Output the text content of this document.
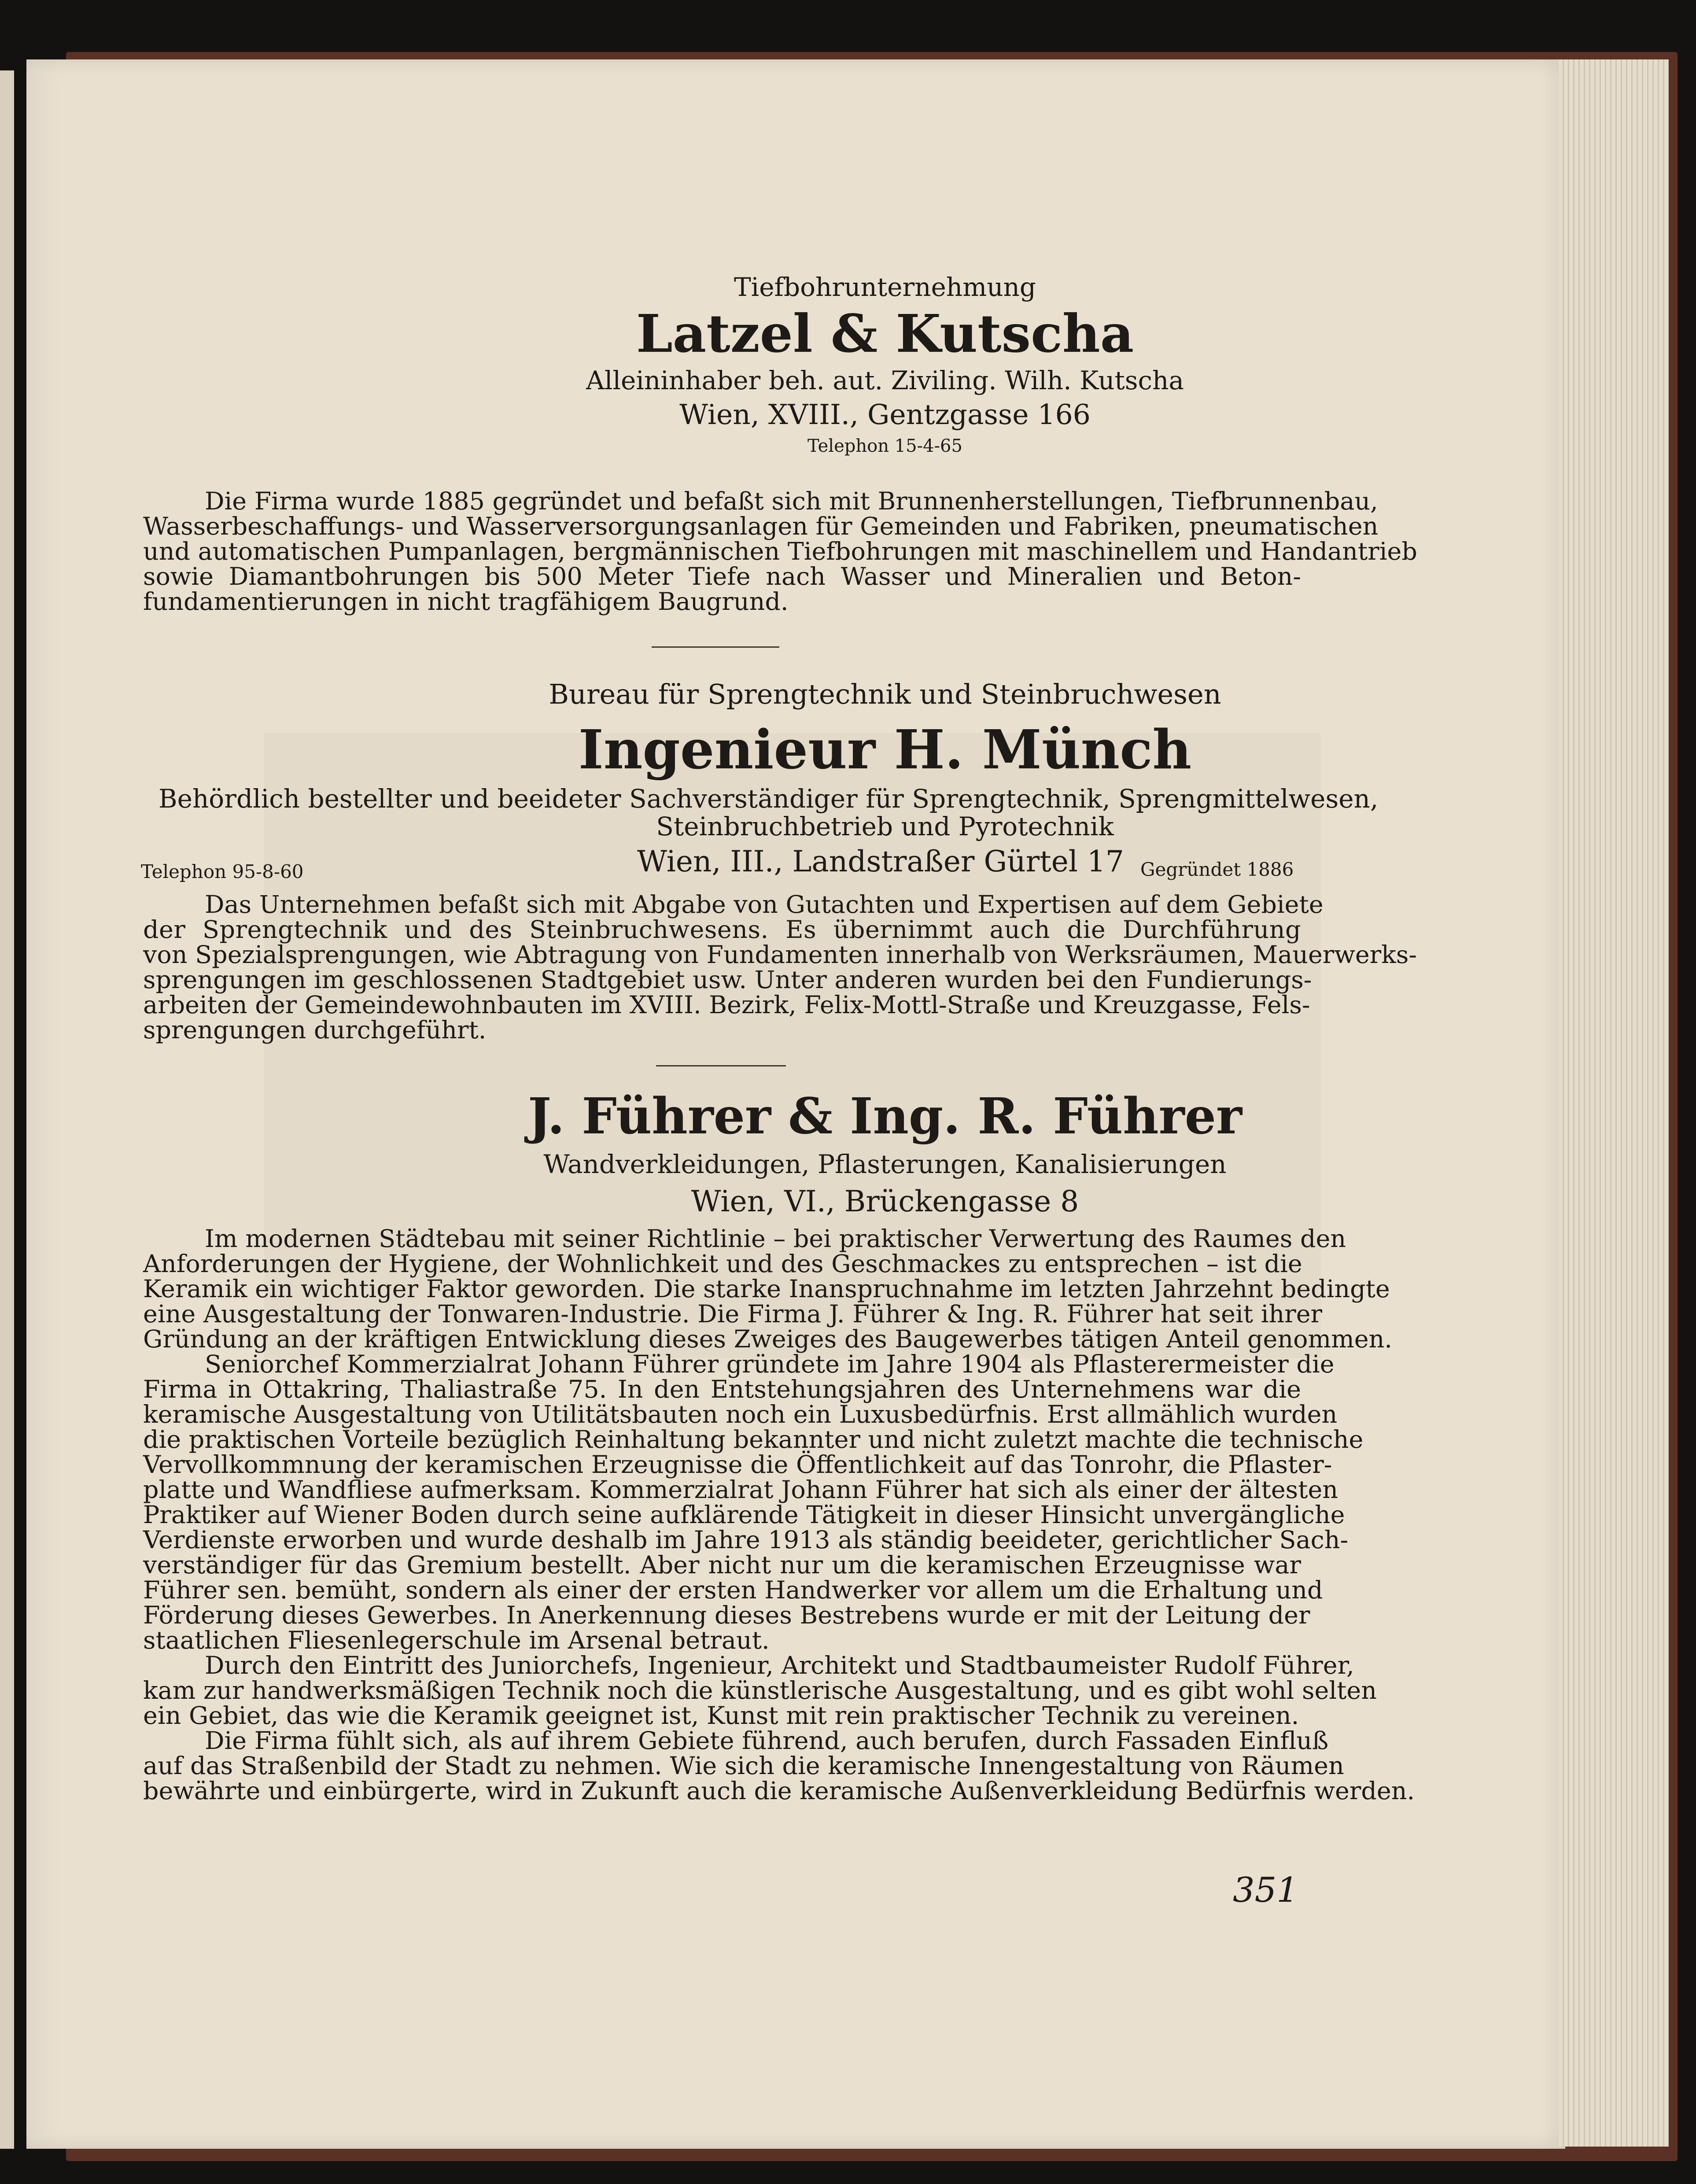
Tiefbohrunternehmung
Latzel & Kutscha
Alleininhaber beh. aut. Ziviling. Wilh. Kutscha
Wien, XVIII., Gentzgasse 166
Telephon 15-4-65
Die Firma wurde 1885 gegründet und befaßt sich mit Brunnenherstellungen, Tiefbrunnenbau,
Wasserbeschaffungs- und Wasserversorgungsanlagen für Gemeinden und Fabriken, pneumatischen
und automatischen Pumpanlagen, bergmännischen Tiefbohrungen mit maschinellem und Handantrieb
sowie Diamantbohrungen bis 500 Meter Tiefe nach Wasser und Mineralien und Beton-
fundamentierungen in nicht tragfähigem Baugrund.
Bureau für Sprengtechnik und Steinbruchwesen
Ingenieur H. Münch
Behördlich bestellter und beeideter Sachverständiger für Sprengtechnik, Sprengmittelwesen,
Steinbruchbetrieb und Pyrotechnik
Telephon 95-8-60	Wien, III., Landstraßer Gürtel 17 Gegründet 1886
Das Unternehmen befaßt sich mit Abgabe von Gutachten und Expertisen auf dem Gebiete
der Sprengtechnik und des Steinbruchwesens. Es übernimmt auch die Durchführung
von Spezialsprengungen, wie Abtragung von Fundamenten innerhalb von Werksräumen, Mauerwerks-
sprengungen im geschlossenen Stadtgebiet usw. Unter anderen wurden bei den Fundierungs-
arbeiten der Gemeindewohnbauten im XVIII. Bezirk, Felix-Mottl-Straße und Kreuzgasse, Fels-
sprengungen durchgeführt.
J. Führer & Ing. R. Führer
Wandverkleidungen, Pflasterungen, Kanalisierungen
Wien, VI., Brückengasse 8
Im modernen Städtebau mit seiner Richtlinie – bei praktischer Verwertung des Raumes den
Anforderungen der Hygiene, der Wohnlichkeit und des Geschmackes zu entsprechen – ist die
Keramik ein wichtiger Faktor geworden. Die starke Inanspruchnahme im letzten Jahrzehnt bedingte
eine Ausgestaltung der Tonwaren-Industrie. Die Firma J. Führer & Ing. R. Führer hat seit ihrer
Gründung an der kräftigen Entwicklung dieses Zweiges des Baugewerbes tätigen Anteil genommen.
Seniorchef Kommerzialrat Johann Führer gründete im Jahre 1904 als Pflasterermeister die
Firma in Ottakring, Thaliastraße 75. In den Entstehungsjahren des Unternehmens war die
keramische Ausgestaltung von Utilitätsbauten noch ein Luxusbedürfnis. Erst allmählich wurden
die praktischen Vorteile bezüglich Reinhaltung bekannter und nicht zuletzt machte die technische
Vervollkommnung der keramischen Erzeugnisse die Öffentlichkeit auf das Tonrohr, die Pflaster-
platte und Wandfliese aufmerksam. Kommerzialrat Johann Führer hat sich als einer der ältesten
Praktiker auf Wiener Boden durch seine aufklärende Tätigkeit in dieser Hinsicht unvergängliche
Verdienste erworben und wurde deshalb im Jahre 1913 als ständig beeideter, gerichtlicher Sach-
verständiger für das Gremium bestellt. Aber nicht nur um die keramischen Erzeugnisse war
Führer sen. bemüht, sondern als einer der ersten Handwerker vor allem um die Erhaltung und
Förderung dieses Gewerbes. In Anerkennung dieses Bestrebens wurde er mit der Leitung der
staatlichen Fliesenlegerschule im Arsenal betraut.
Durch den Eintritt des Juniorchefs, Ingenieur, Architekt und Stadtbaumeister Rudolf Führer,
kam zur handwerksmäßigen Technik noch die künstlerische Ausgestaltung, und es gibt wohl selten
ein Gebiet, das wie die Keramik geeignet ist, Kunst mit rein praktischer Technik zu vereinen.
Die Firma fühlt sich, als auf ihrem Gebiete führend, auch berufen, durch Fassaden Einfluß
auf das Straßenbild der Stadt zu nehmen. Wie sich die keramische Innengestaltung von Räumen
bewährte und einbürgerte, wird in Zukunft auch die keramische Außenverkleidung Bedürfnis werden.
351
